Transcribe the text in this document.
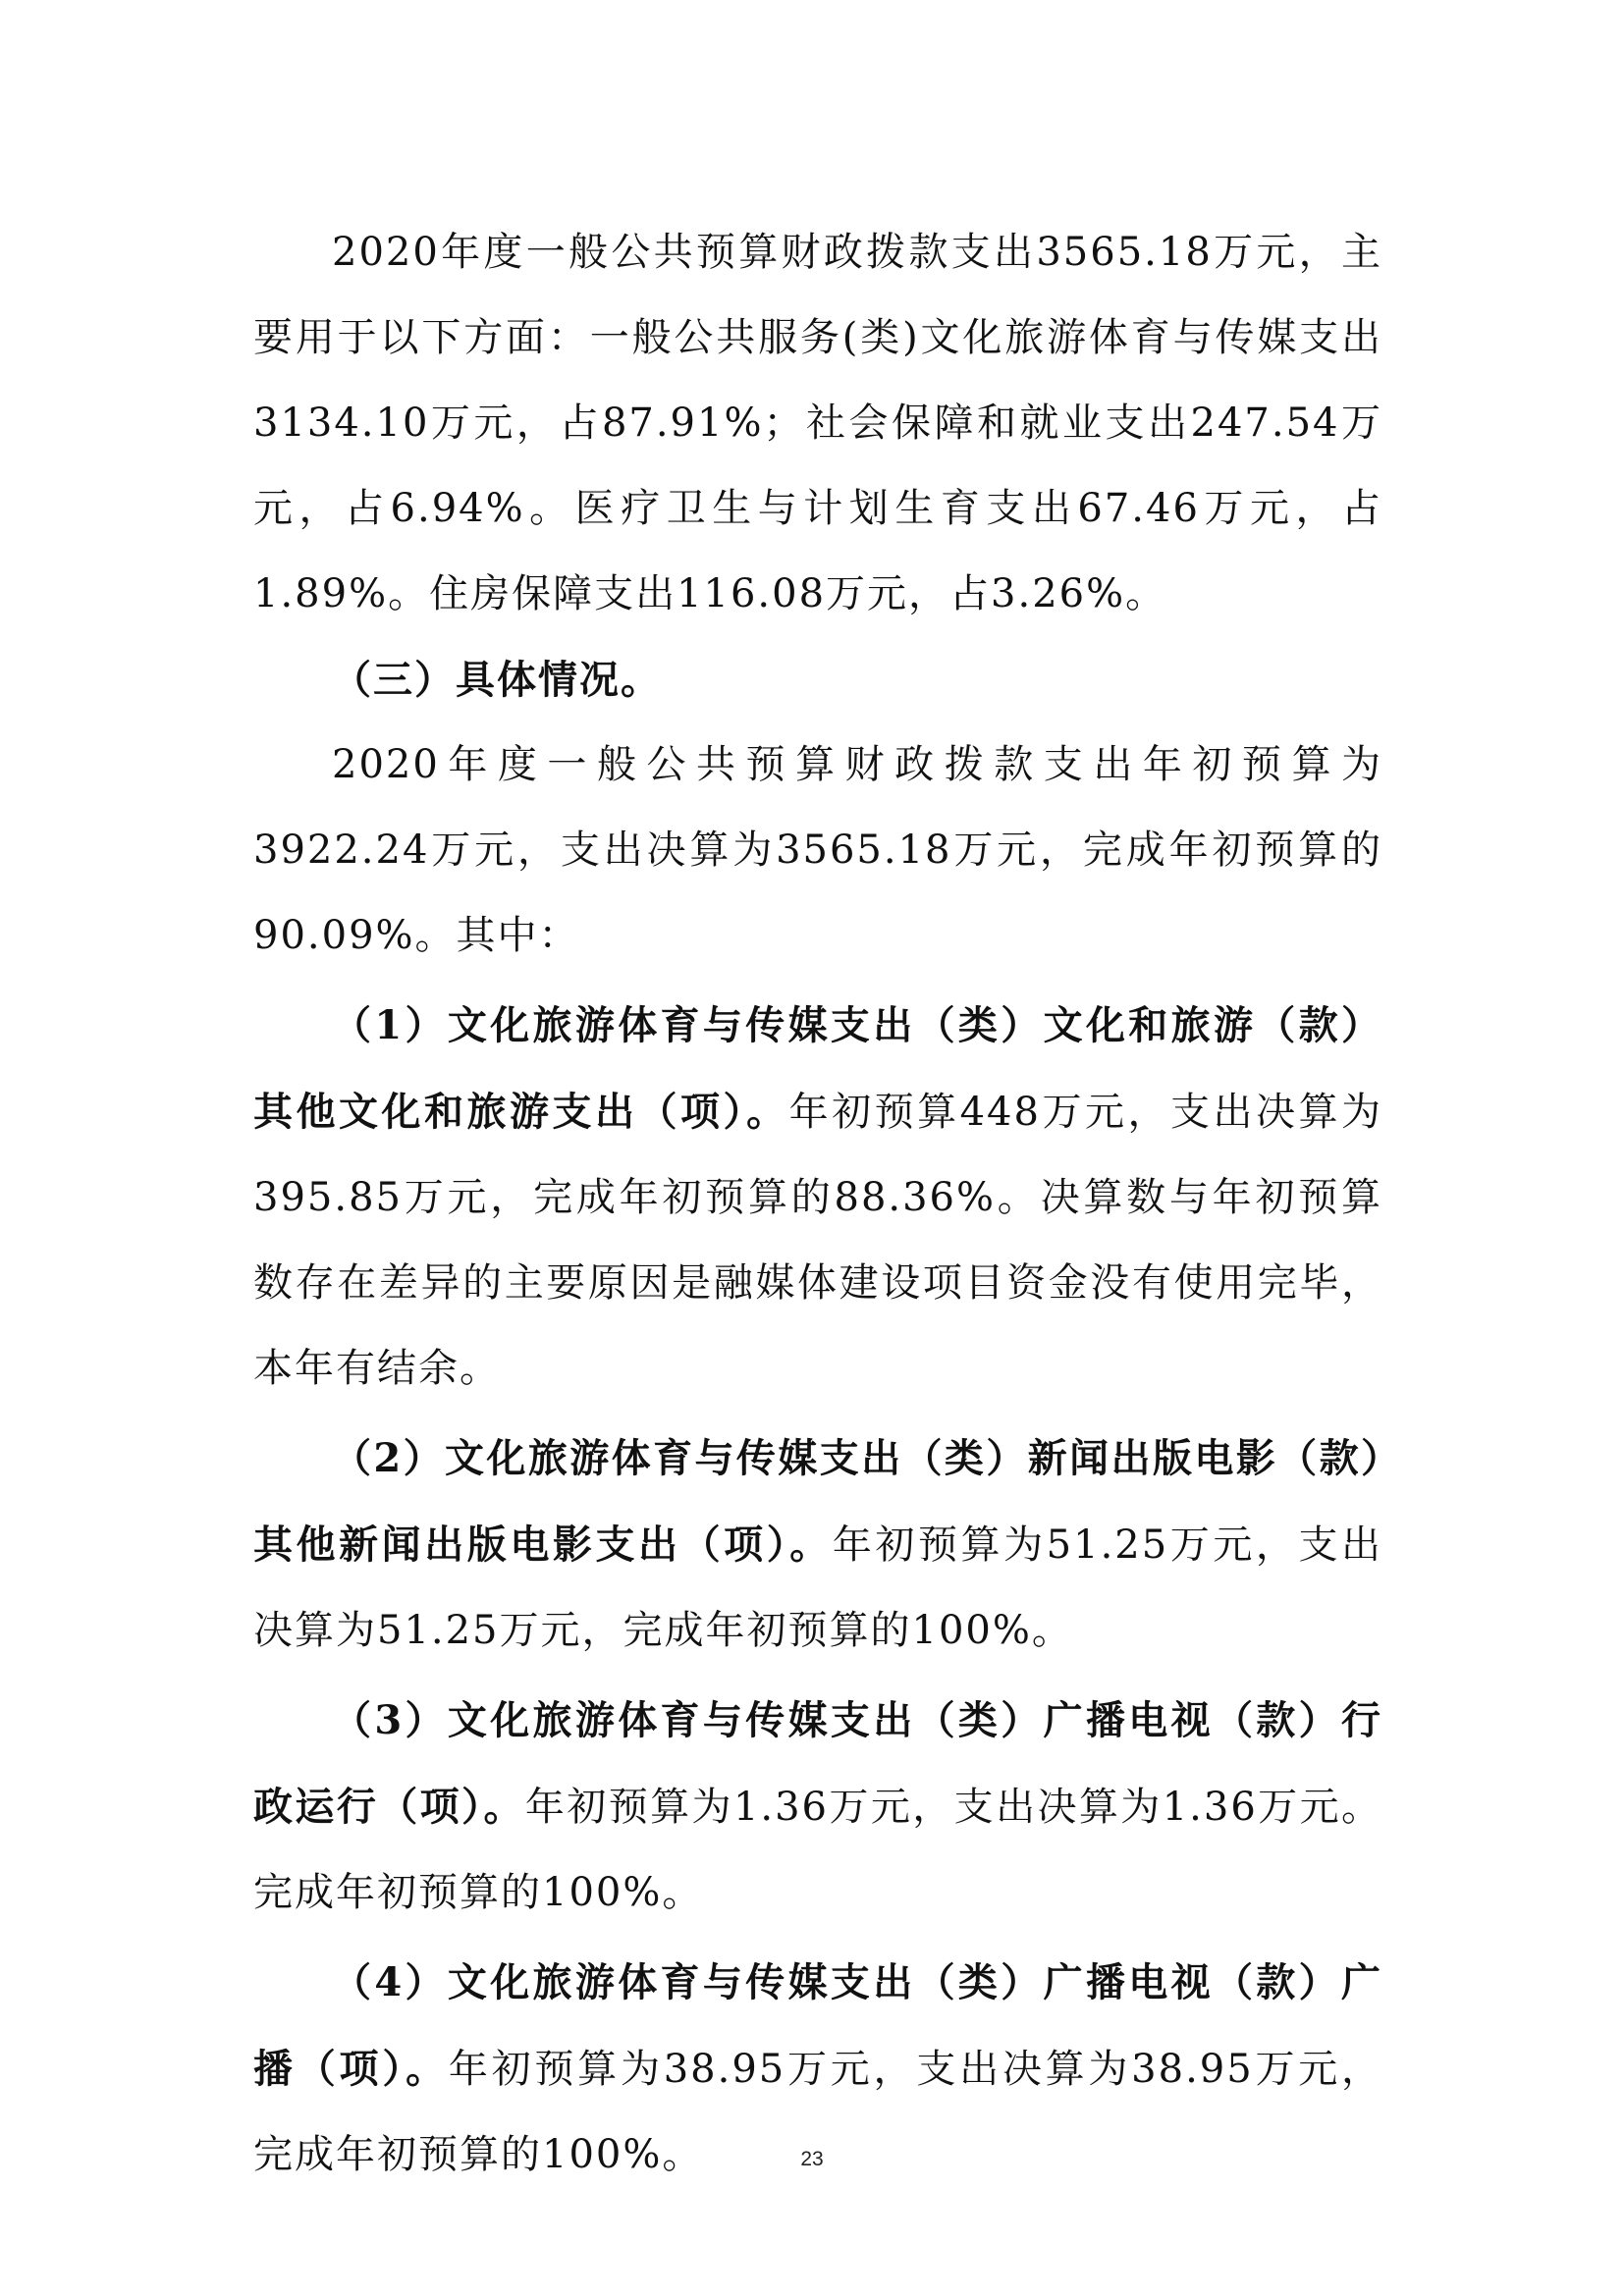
2020年度一般公共预算财政拨款支出3565.18万元，主要用于以下方面：一般公共服务(类)文化旅游体育与传媒支出3134.10万元，占87.91%；社会保障和就业支出247.54万元，占6.94%。医疗卫生与计划生育支出67.46万元，占1.89%。住房保障支出116.08万元，占3.26%。

（三）具体情况。

2020年度一般公共预算财政拨款支出年初预算为3922.24万元，支出决算为3565.18万元，完成年初预算的90.09%。其中：

（1）文化旅游体育与传媒支出（类）文化和旅游（款）其他文化和旅游支出（项）。年初预算448万元，支出决算为395.85万元，完成年初预算的88.36%。决算数与年初预算数存在差异的主要原因是融媒体建设项目资金没有使用完毕，本年有结余。

（2）文化旅游体育与传媒支出（类）新闻出版电影（款）其他新闻出版电影支出（项）。年初预算为51.25万元，支出决算为51.25万元，完成年初预算的100%。

（3）文化旅游体育与传媒支出（类）广播电视（款）行政运行（项）。年初预算为1.36万元，支出决算为1.36万元。完成年初预算的100%。

（4）文化旅游体育与传媒支出（类）广播电视（款）广播（项）。年初预算为38.95万元，支出决算为38.95万元，完成年初预算的100%。	23
